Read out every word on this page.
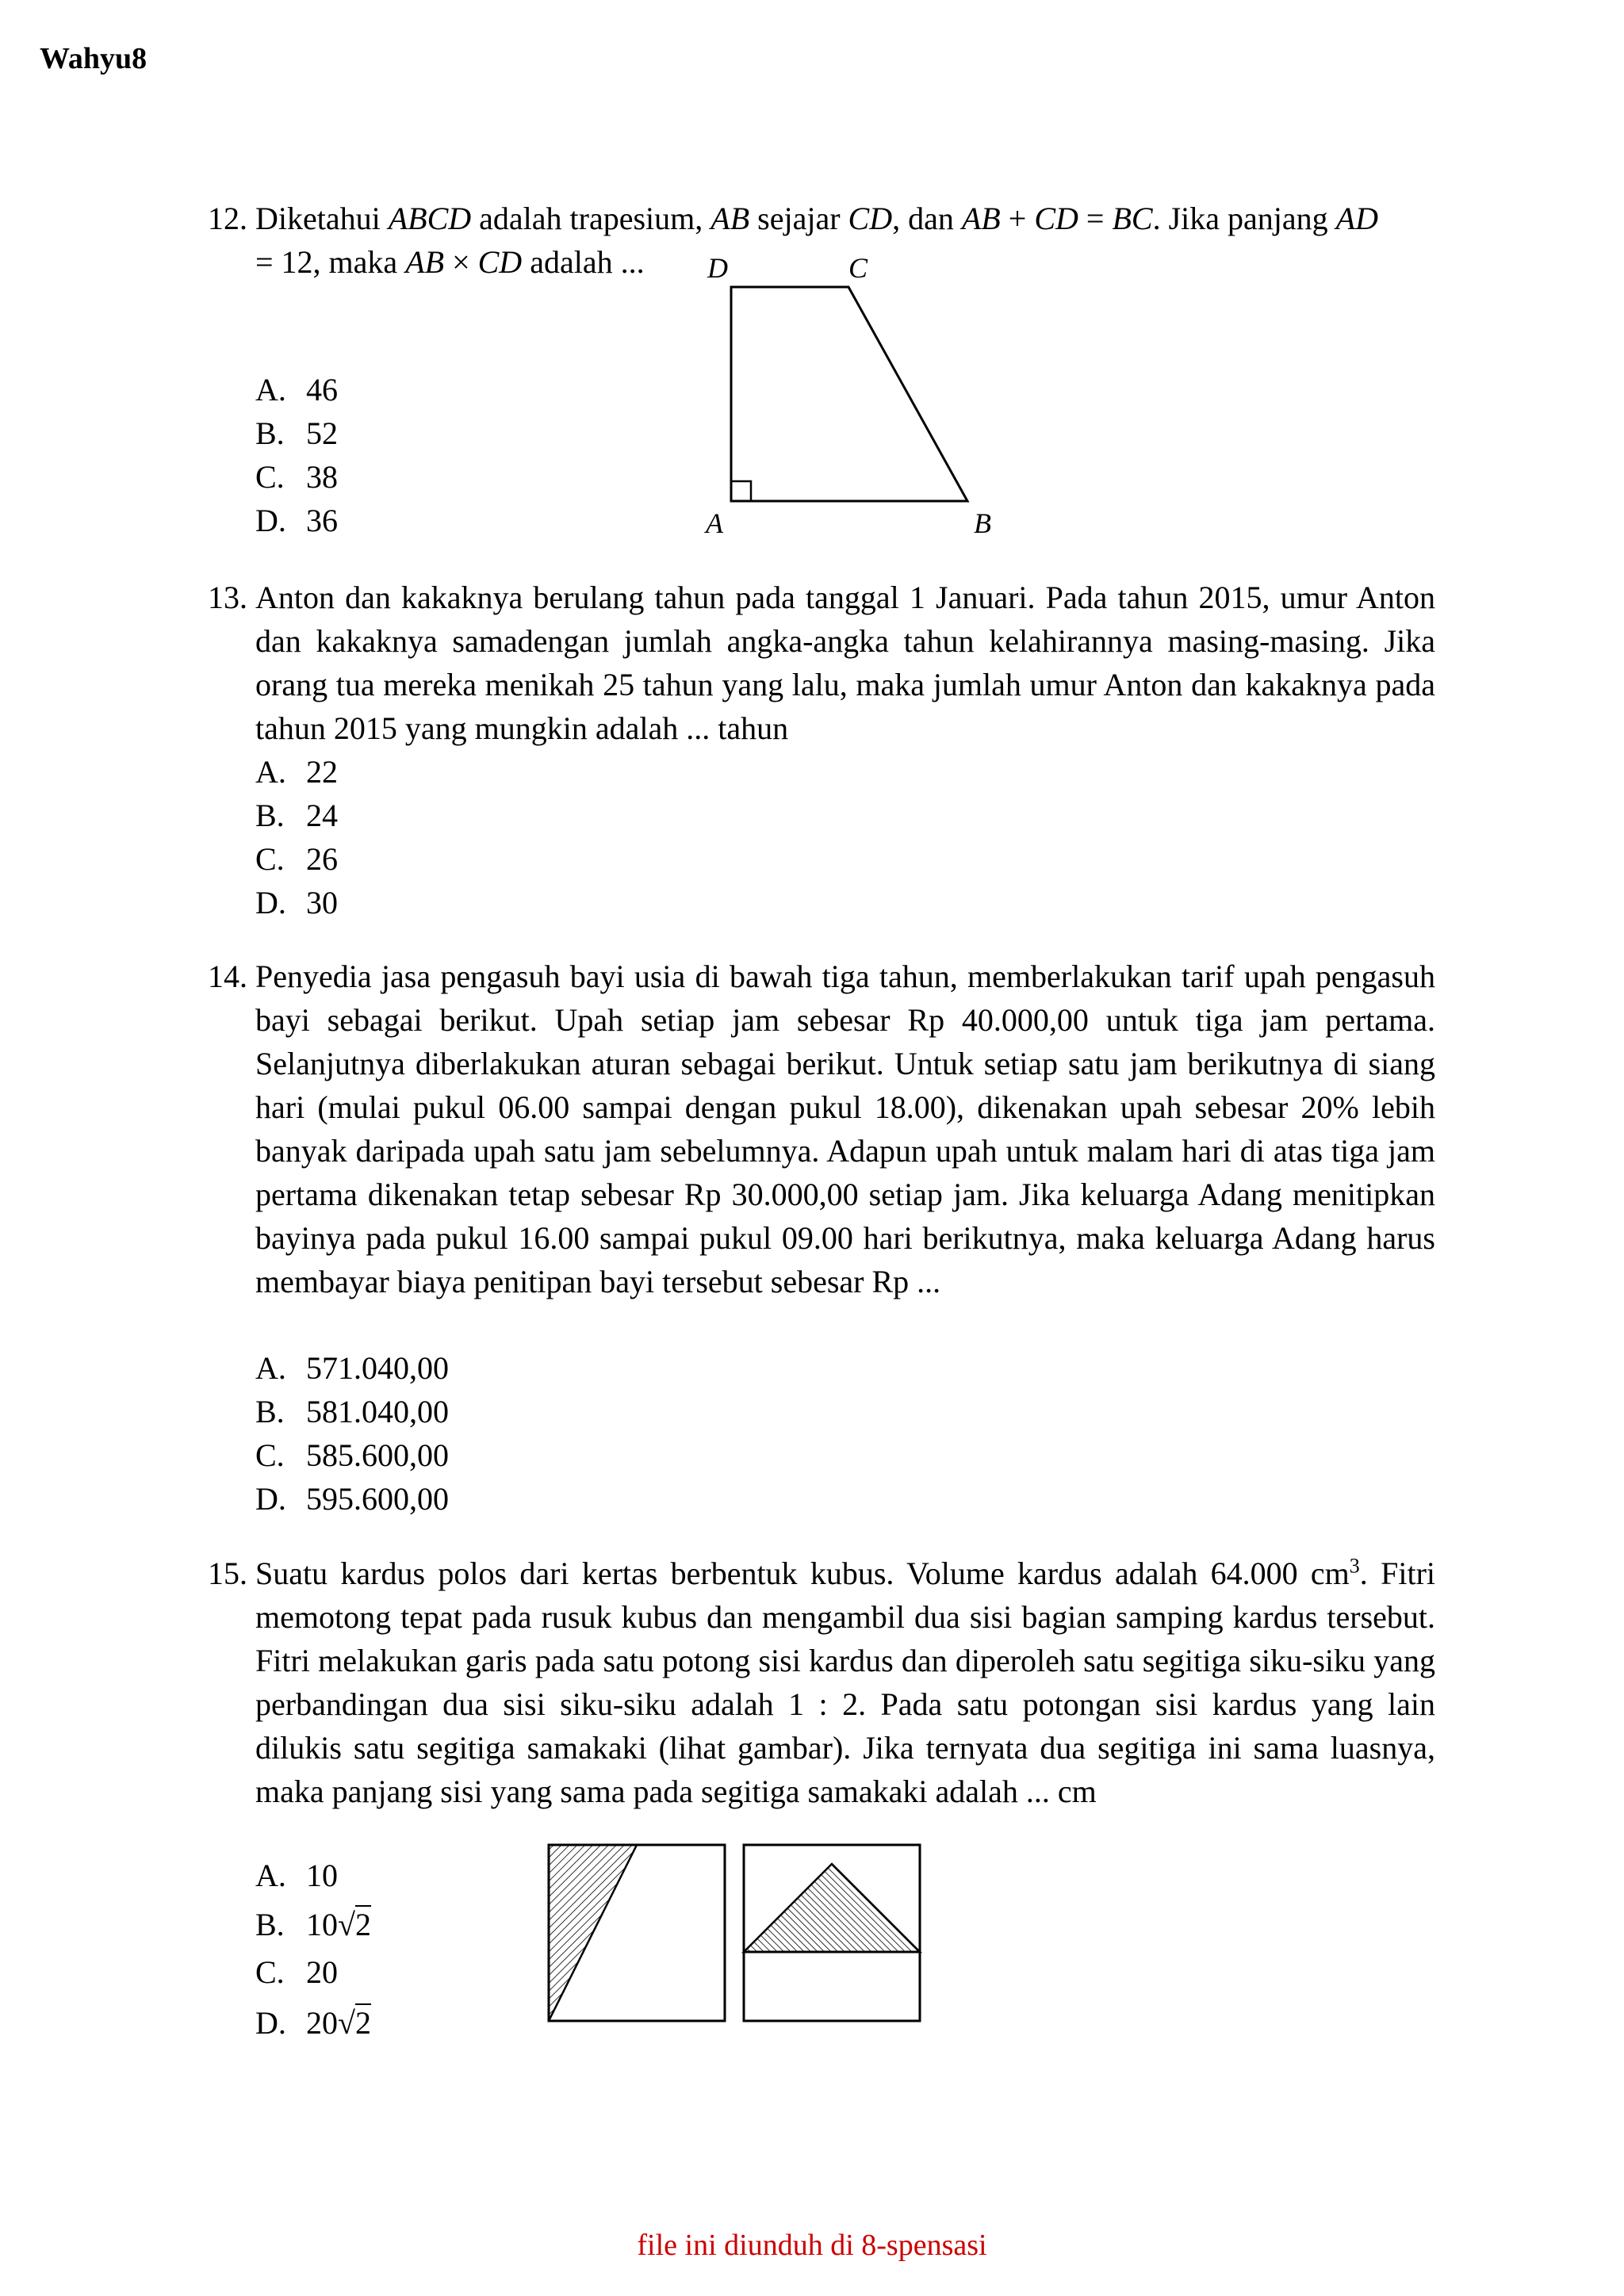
Wahyu8
12. Diketahui ABCD adalah trapesium, AB sejajar CD, dan AB + CD = BC. Jika panjang AD
= 12, maka AB × CD adalah ...
A. 46
B. 52
C. 38
D. 36
D	C
A	B
13. Anton dan kakaknya berulang tahun pada tanggal 1 Januari. Pada tahun 2015, umur Anton dan kakaknya samadengan jumlah angka-angka tahun kelahirannya masing-masing. Jika orang tua mereka menikah 25 tahun yang lalu, maka jumlah umur Anton dan kakaknya pada tahun 2015 yang mungkin adalah ... tahun
A. 22
B. 24
C. 26
D. 30
14. Penyedia jasa pengasuh bayi usia di bawah tiga tahun, memberlakukan tarif upah pengasuh bayi sebagai berikut. Upah setiap jam sebesar Rp 40.000,00 untuk tiga jam pertama. Selanjutnya diberlakukan aturan sebagai berikut. Untuk setiap satu jam berikutnya di siang hari (mulai pukul 06.00 sampai dengan pukul 18.00), dikenakan upah sebesar 20% lebih banyak daripada upah satu jam sebelumnya. Adapun upah untuk malam hari di atas tiga jam pertama dikenakan tetap sebesar Rp 30.000,00 setiap jam. Jika keluarga Adang menitipkan bayinya pada pukul 16.00 sampai pukul 09.00 hari berikutnya, maka keluarga Adang harus membayar biaya penitipan bayi tersebut sebesar Rp ...
A. 571.040,00
B. 581.040,00
C. 585.600,00
D. 595.600,00
15. Suatu kardus polos dari kertas berbentuk kubus. Volume kardus adalah 64.000 $cm^3$. Fitri memotong tepat pada rusuk kubus dan mengambil dua sisi bagian samping kardus tersebut. Fitri melakukan garis pada satu potong sisi kardus dan diperoleh satu segitiga siku-siku yang perbandingan dua sisi siku-siku adalah 1 : 2. Pada satu potongan sisi kardus yang lain dilukis satu segitiga samakaki (lihat gambar). Jika ternyata dua segitiga ini sama luasnya, maka panjang sisi yang sama pada segitiga samakaki adalah ... cm
A. 10
B. 10√2
C. 20
D. 20√2
file ini diunduh di 8-spensasi
